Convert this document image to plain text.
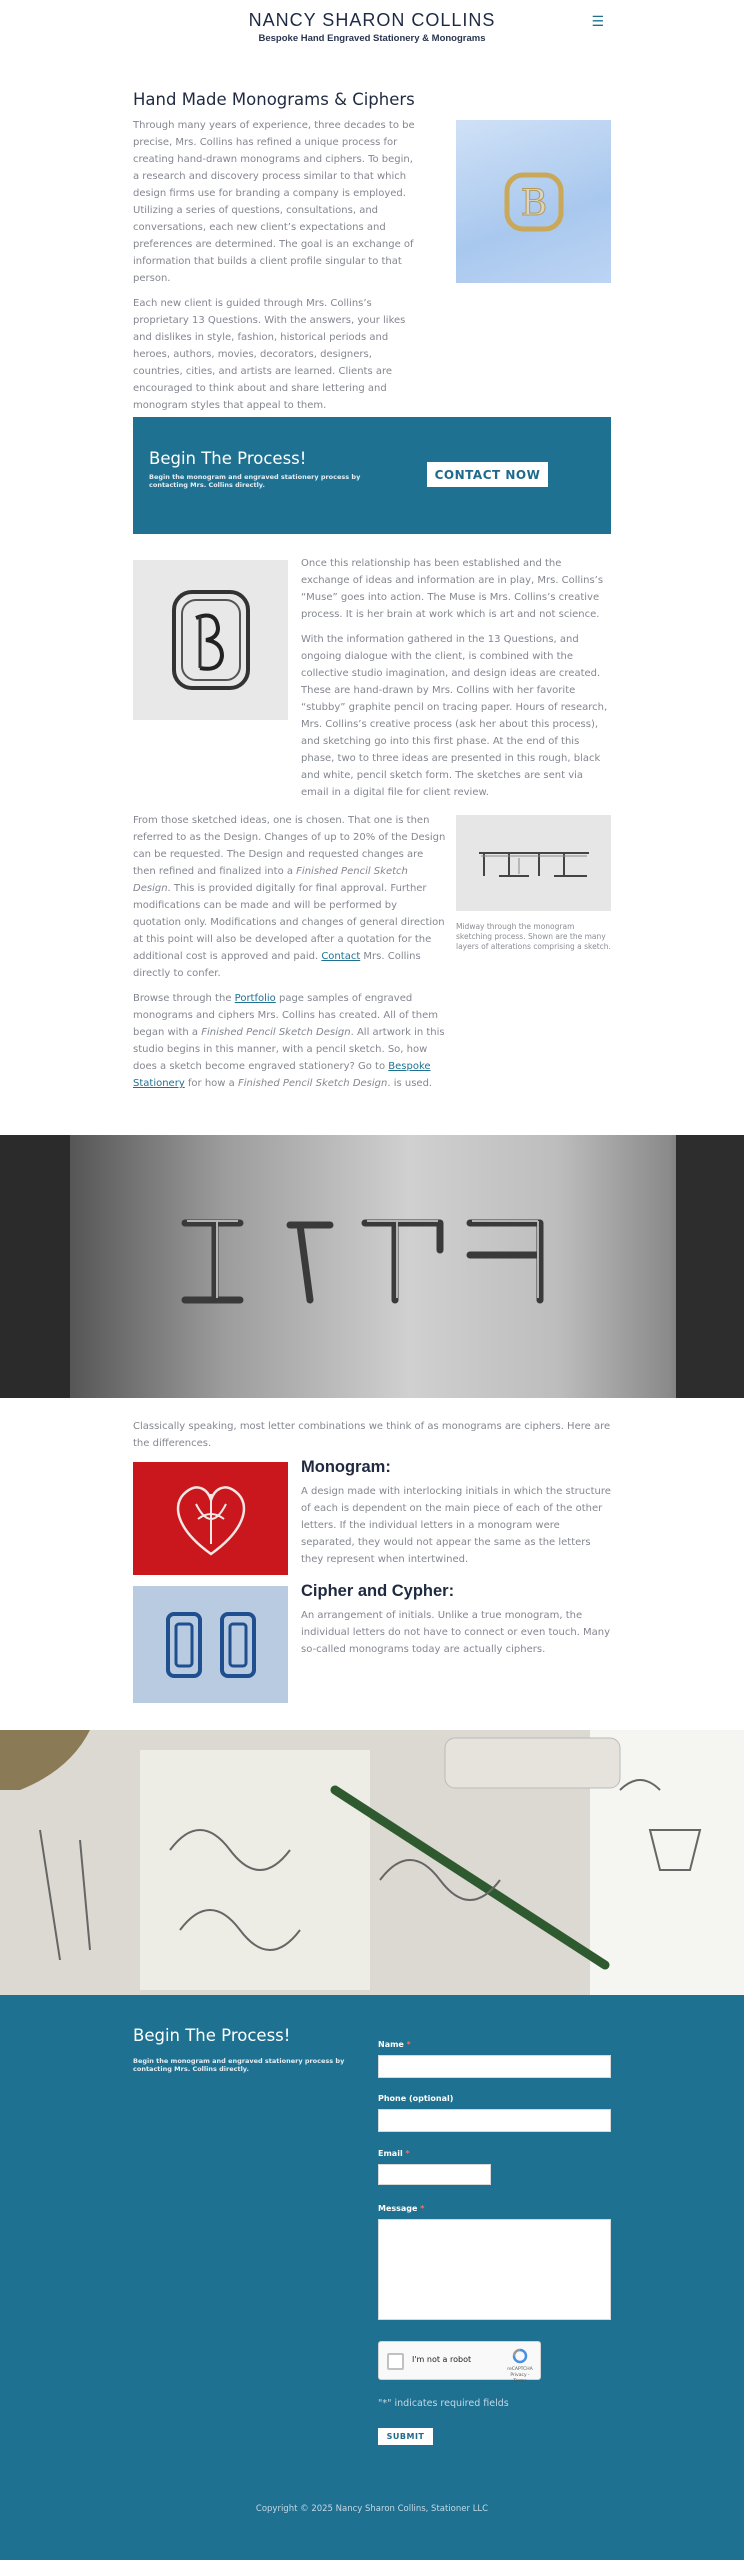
NANCY SHARON COLLINS
Bespoke Hand Engraved Stationery & Monograms
☰
Hand Made Monograms & Ciphers

Through many years of experience, three decades to be precise, Mrs. Collins has refined a unique process for creating hand-drawn monograms and ciphers. To begin, a research and discovery process similar to that which design firms use for branding a company is employed. Utilizing a series of questions, consultations, and conversations, each new client’s expectations and preferences are determined. The goal is an exchange of information that builds a client profile singular to that person.

Each new client is guided through Mrs. Collins’s proprietary 13 Questions. With the answers, your likes and dislikes in style, fashion, historical periods and heroes, authors, movies, decorators, designers, countries, cities, and artists are learned. Clients are encouraged to think about and share lettering and monogram styles that appeal to them.

B
Begin The Process!
Begin the monogram and engraved stationery process by contacting Mrs. Collins directly.
CONTACT NOW

Once this relationship has been established and the exchange of ideas and information are in play, Mrs. Collins’s “Muse” goes into action. The Muse is Mrs. Collins’s creative process. It is her brain at work which is art and not science.

With the information gathered in the 13 Questions, and ongoing dialogue with the client, is combined with the collective studio imagination, and design ideas are created. These are hand-drawn by Mrs. Collins with her favorite “stubby” graphite pencil on tracing paper. Hours of research, Mrs. Collins’s creative process (ask her about this process), and sketching go into this first phase. At the end of this phase, two to three ideas are presented in this rough, black and white, pencil sketch form. The sketches are sent via email in a digital file for client review.

Midway through the monogram sketching process. Shown are the many layers of alterations comprising a sketch.

From those sketched ideas, one is chosen. That one is then referred to as the Design. Changes of up to 20% of the Design can be requested. The Design and requested changes are then refined and finalized into a Finished Pencil Sketch Design. This is provided digitally for final approval. Further modifications can be made and will be performed by quotation only. Modifications and changes of general direction at this point will also be developed after a quotation for the additional cost is approved and paid. Contact Mrs. Collins directly to confer.

Browse through the Portfolio page samples of engraved monograms and ciphers Mrs. Collins has created. All of them began with a Finished Pencil Sketch Design. All artwork in this studio begins in this manner, with a pencil sketch. So, how does a sketch become engraved stationery? Go to Bespoke Stationery for how a Finished Pencil Sketch Design. is used.

Classically speaking, most letter combinations we think of as monograms are ciphers. Here are the differences.

Monogram:

A design made with interlocking initials in which the structure of each is dependent on the main piece of each of the other letters. If the individual letters in a monogram were separated, they would not appear the same as the letters they represent when intertwined.

Cipher and Cypher:

An arrangement of initials. Unlike a true monogram, the individual letters do not have to connect or even touch. Many so-called monograms today are actually ciphers.

Begin The Process!
Begin the monogram and engraved stationery process by contacting Mrs. Collins directly.
Name *
Phone (optional)
Email *
Message *
I'm not a robot
reCAPTCHA
Privacy - Terms
"*" indicates required fields
SUBMIT
Copyright © 2025 Nancy Sharon Collins, Stationer LLC
